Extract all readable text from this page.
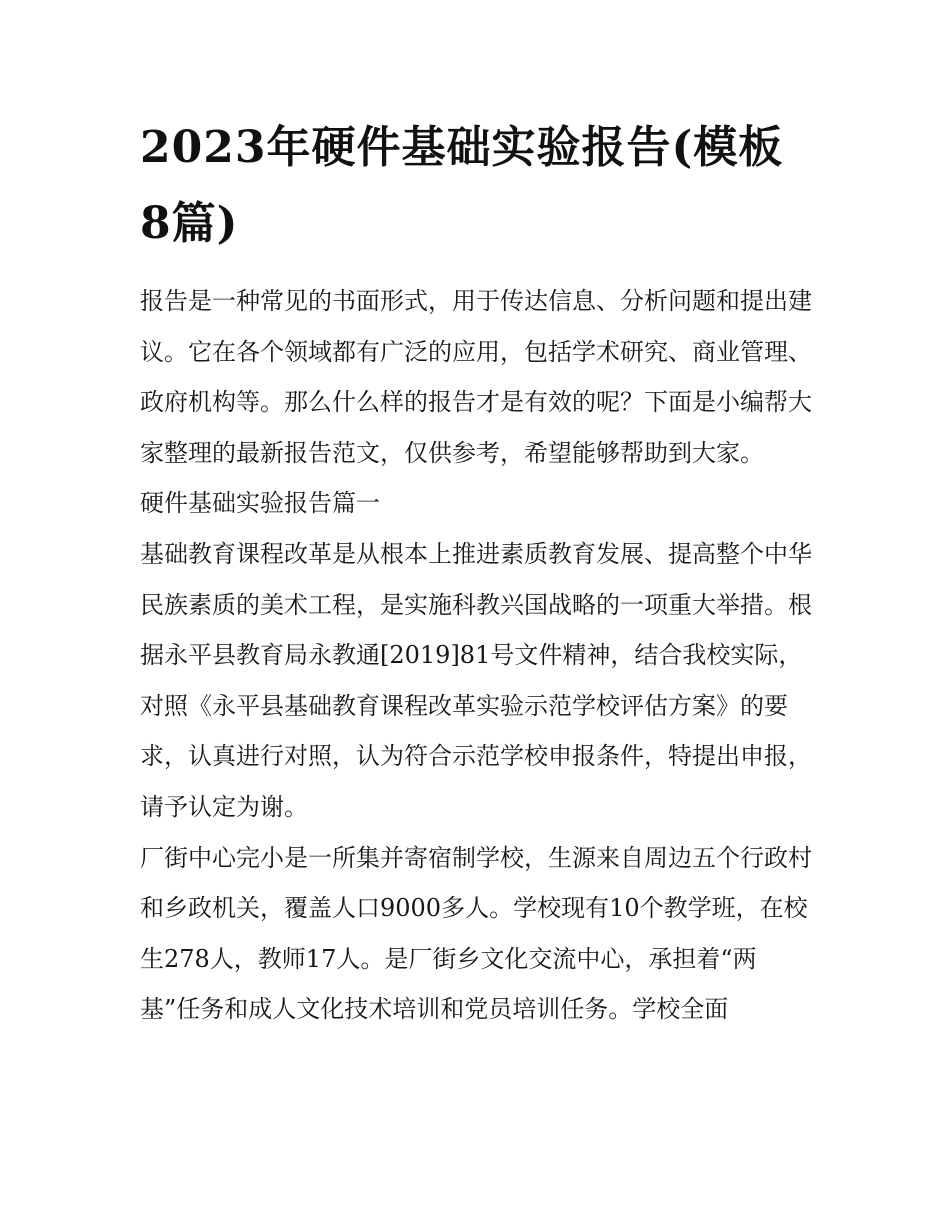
2023年硬件基础实验报告(模板8篇)

报告是一种常见的书面形式，用于传达信息、分析问题和提出建议。它在各个领域都有广泛的应用，包括学术研究、商业管理、政府机构等。那么什么样的报告才是有效的呢？下面是小编帮大家整理的最新报告范文，仅供参考，希望能够帮助到大家。

硬件基础实验报告篇一

基础教育课程改革是从根本上推进素质教育发展、提高整个中华民族素质的美术工程，是实施科教兴国战略的一项重大举措。根据永平县教育局永教通[2019]81号文件精神，结合我校实际，对照《永平县基础教育课程改革实验示范学校评估方案》的要求，认真进行对照，认为符合示范学校申报条件，特提出申报，请予认定为谢。

厂街中心完小是一所集并寄宿制学校，生源来自周边五个行政村和乡政机关，覆盖人口9000多人。学校现有10个教学班，在校生278人，教师17人。是厂街乡文化交流中心，承担着“两基”任务和成人文化技术培训和党员培训任务。学校全面
